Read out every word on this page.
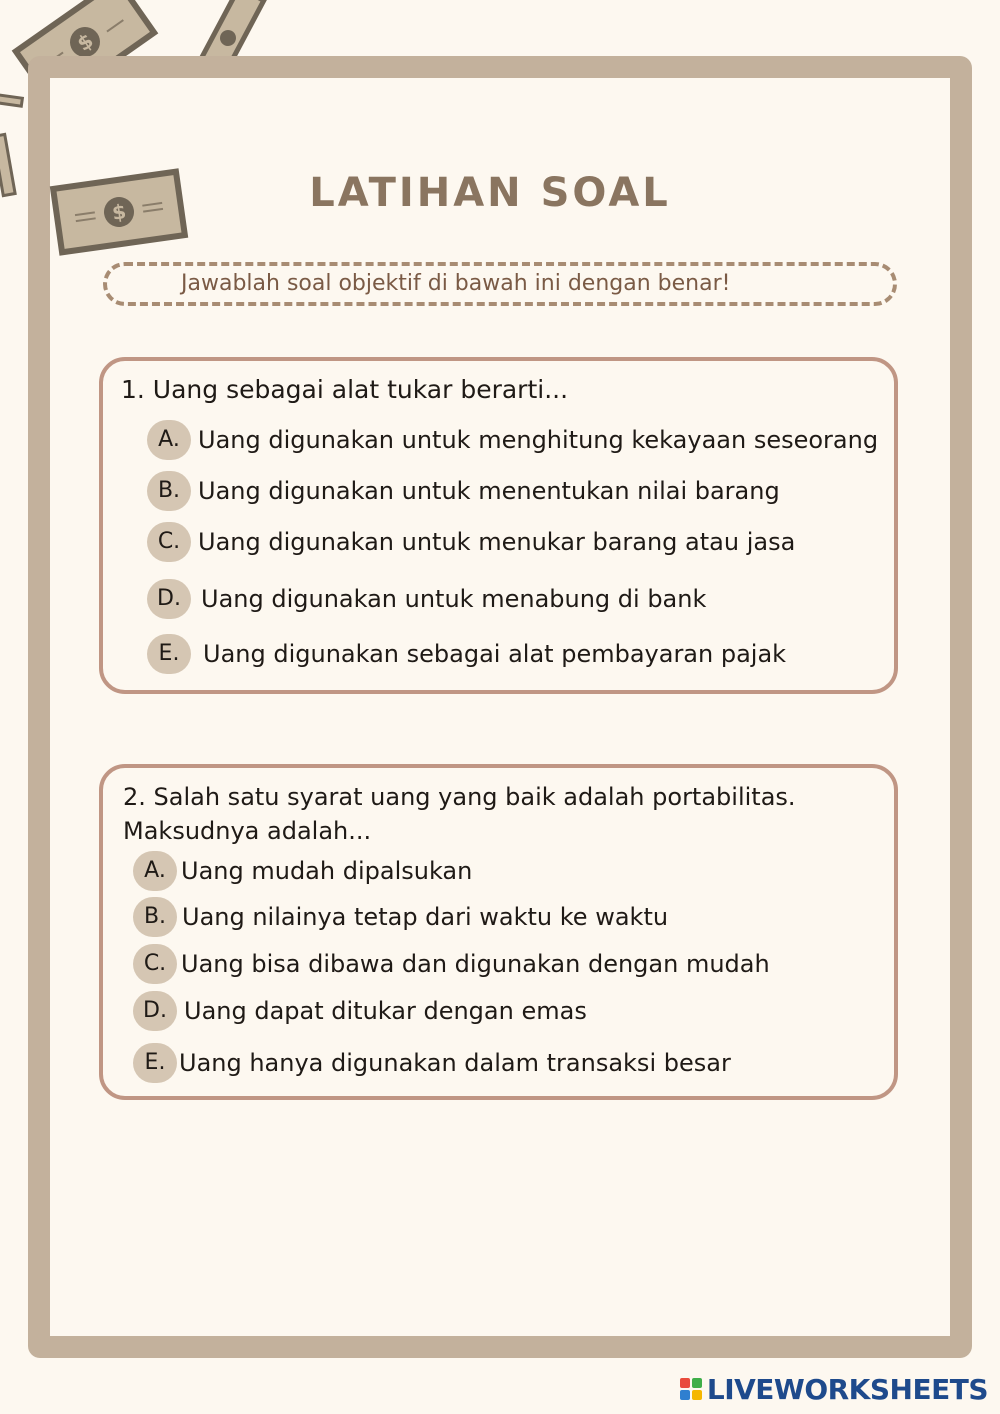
$
$	LATIHAN SOAL
Jawablah soal objektif di bawah ini dengan benar!
1. Uang sebagai alat tukar berarti...
A. Uang digunakan untuk menghitung kekayaan seseorang
B. Uang digunakan untuk menentukan nilai barang
C. Uang digunakan untuk menukar barang atau jasa
D. Uang digunakan untuk menabung di bank
E. Uang digunakan sebagai alat pembayaran pajak
2. Salah satu syarat uang yang baik adalah portabilitas.
Maksudnya adalah...
A. Uang mudah dipalsukan
B. Uang nilainya tetap dari waktu ke waktu
C. Uang bisa dibawa dan digunakan dengan mudah
D. Uang dapat ditukar dengan emas
E. Uang hanya digunakan dalam transaksi besar
LIVEWORKSHEETS
